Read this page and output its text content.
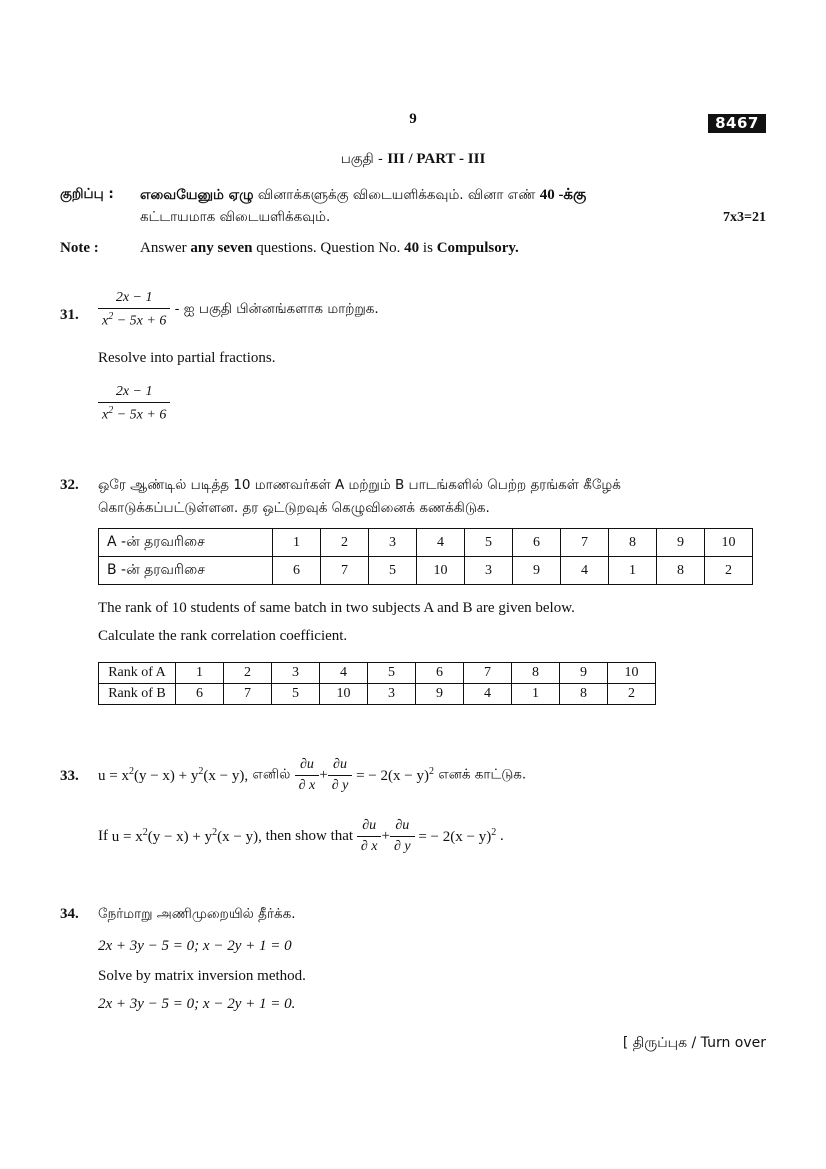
9	8467
பகுதி - III / PART - III
குறிப்பு : எவையேனும் ஏழு வினாக்களுக்கு விடையளிக்கவும். வினா எண் 40 -க்கு
கட்டாயமாக விடையளிக்கவும்.	7x3=21
Note :	Answer any seven questions. Question No. 40 is Compulsory.
31. $\frac{2x - 1}{x^2 - 5x + 6}$ - ஐ பகுதி பின்னங்களாக மாற்றுக.
Resolve into partial fractions.
$\frac{2x - 1}{x^2 - 5x + 6}$
32. ஒரே ஆண்டில் படித்த 10 மாணவர்கள் A மற்றும் B பாடங்களில் பெற்ற தரங்கள் கீழேக்
கொடுக்கப்பட்டுள்ளன. தர ஒட்டுறவுக் கெழுவினைக் கணக்கிடுக.
A -ன் தரவரிசை	1	2	3	4	5	6	7	8	9	10
B -ன் தரவரிசை	6	7	5	10	3	9	4	1	8	2
The rank of 10 students of same batch in two subjects A and B are given below.
Calculate the rank correlation coefficient.
Rank of A	1	2	3	4	5	6	7	8	9	10
Rank of B	6	7	5	10	3	9	4	1	8	2
33. $u = x^2(y - x) + y^2(x - y)$, எனில் $\frac{\partial u}{\partial x} + \frac{\partial u}{\partial y}$ = − $2(x - y)^2$ எனக் காட்டுக.
If $u = x^2(y - x) + y^2(x - y)$, then show that $\frac{\partial u}{\partial x} + \frac{\partial u}{\partial y}$ = − $2(x - y)^2$ .
34. நேர்மாறு அணிமுறையில் தீர்க்க.
2x + 3y − 5 = 0; x − 2y + 1 = 0
Solve by matrix inversion method.
2x + 3y − 5 = 0; x − 2y + 1 = 0.
[ திருப்புக / Turn over
